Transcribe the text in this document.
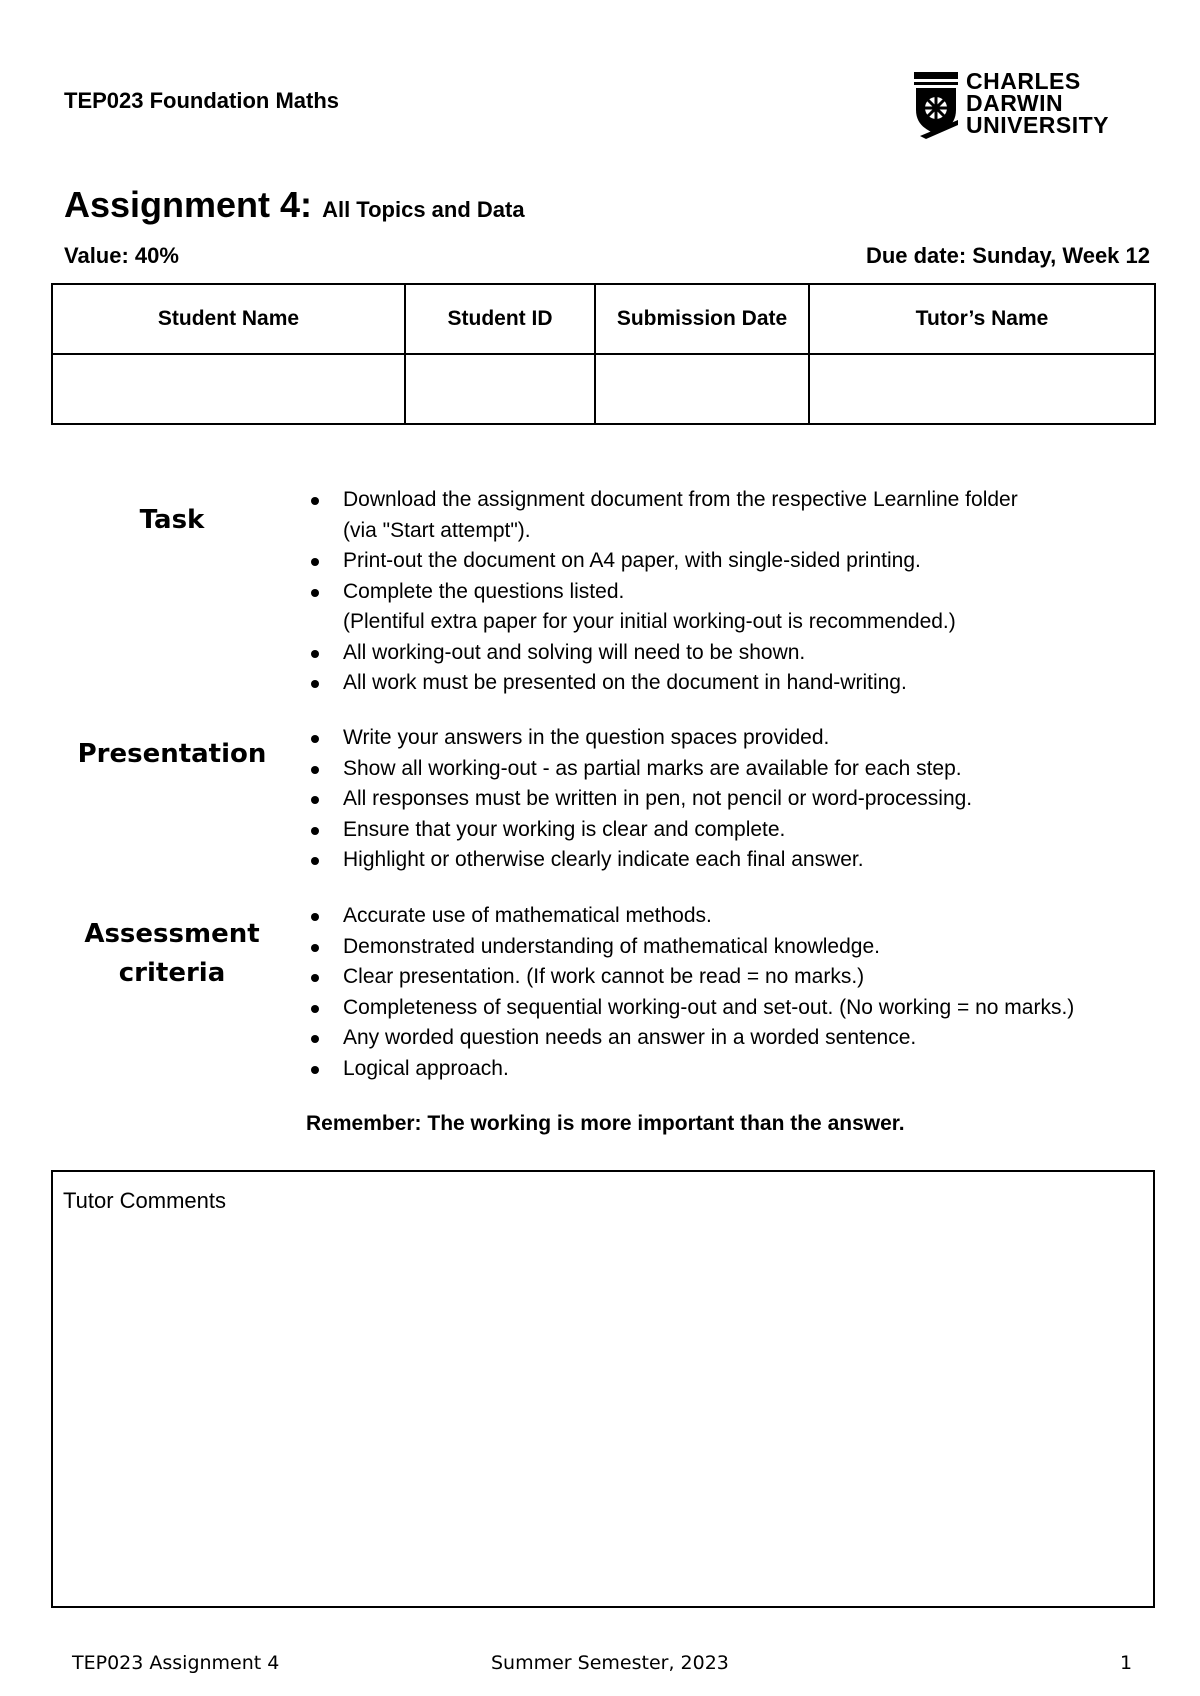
TEP023 Foundation Maths
CHARLES
DARWIN
UNIVERSITY
Assignment 4: All Topics and Data
Value: 40%	Due date: Sunday, Week 12
Student Name	Student ID	Submission Date	Tutor’s Name

Task
Download the assignment document from the respective Learnline folder
(via "Start attempt").
Print-out the document on A4 paper, with single-sided printing.
Complete the questions listed.
(Plentiful extra paper for your initial working-out is recommended.)
All working-out and solving will need to be shown.
All work must be presented on the document in hand-writing.
Presentation
Write your answers in the question spaces provided.
Show all working-out - as partial marks are available for each step.
All responses must be written in pen, not pencil or word-processing.
Ensure that your working is clear and complete.
Highlight or otherwise clearly indicate each final answer.
Assessment
criteria
Accurate use of mathematical methods.
Demonstrated understanding of mathematical knowledge.
Clear presentation. (If work cannot be read = no marks.)
Completeness of sequential working-out and set-out. (No working = no marks.)
Any worded question needs an answer in a worded sentence.
Logical approach.
Remember: The working is more important than the answer.
Tutor Comments
TEP023 Assignment 4	Summer Semester, 2023	1
